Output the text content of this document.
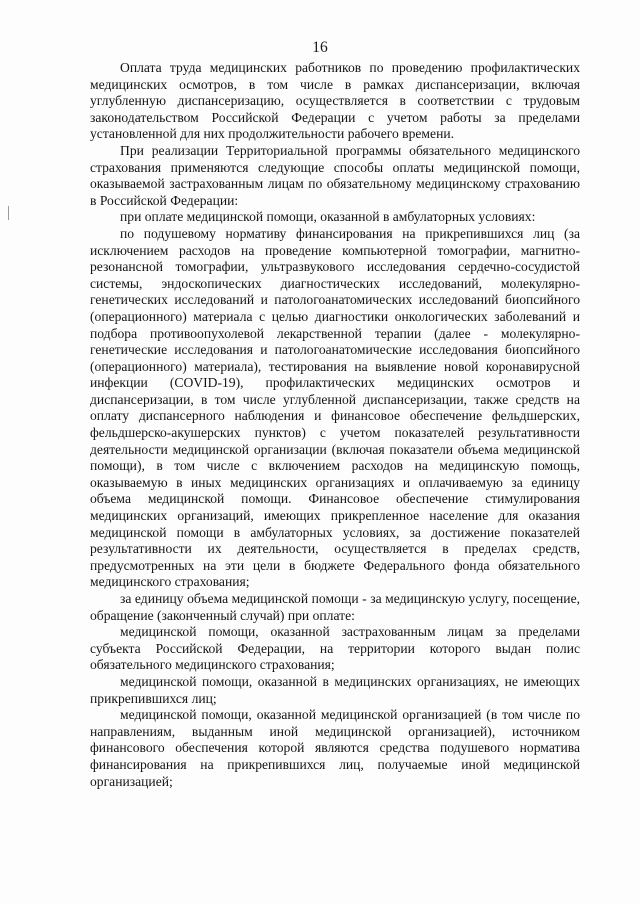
16

Оплата труда медицинских работников по проведению профилактических медицинских осмотров, в том числе в рамках диспансеризации, включая углубленную диспансеризацию, осуществляется в соответствии с трудовым законодательством Российской Федерации с учетом работы за пределами установленной для них продолжительности рабочего времени.

При реализации Территориальной программы обязательного медицинского страхования применяются следующие способы оплаты медицинской помощи, оказываемой застрахованным лицам по обязательному медицинскому страхованию в Российской Федерации:

при оплате медицинской помощи, оказанной в амбулаторных условиях:

по подушевому нормативу финансирования на прикрепившихся лиц (за исключением расходов на проведение компьютерной томографии, магнитно-резонансной томографии, ультразвукового исследования сердечно-сосудистой системы, эндоскопических диагностических исследований, молекулярно-генетических исследований и патологоанатомических исследований биопсийного (операционного) материала с целью диагностики онкологических заболеваний и подбора противоопухолевой лекарственной терапии (далее - молекулярно-генетические исследования и патологоанатомические исследования биопсийного (операционного) материала), тестирования на выявление новой коронавирусной инфекции (COVID-19), профилактических медицинских осмотров и диспансеризации, в том числе углубленной диспансеризации, также средств на оплату диспансерного наблюдения и финансовое обеспечение фельдшерских, фельдшерско-акушерских пунктов) с учетом показателей результативности деятельности медицинской организации (включая показатели объема медицинской помощи), в том числе с включением расходов на медицинскую помощь, оказываемую в иных медицинских организациях и оплачиваемую за единицу объема медицинской помощи. Финансовое обеспечение стимулирования медицинских организаций, имеющих прикрепленное население для оказания медицинской помощи в амбулаторных условиях, за достижение показателей результативности их деятельности, осуществляется в пределах средств, предусмотренных на эти цели в бюджете Федерального фонда обязательного медицинского страхования;

за единицу объема медицинской помощи - за медицинскую услугу, посещение, обращение (законченный случай) при оплате:

медицинской помощи, оказанной застрахованным лицам за пределами субъекта Российской Федерации, на территории которого выдан полис обязательного медицинского страхования;

медицинской помощи, оказанной в медицинских организациях, не имеющих прикрепившихся лиц;

медицинской помощи, оказанной медицинской организацией (в том числе по направлениям, выданным иной медицинской организацией), источником финансового обеспечения которой являются средства подушевого норматива финансирования на прикрепившихся лиц, получаемые иной медицинской организацией;
